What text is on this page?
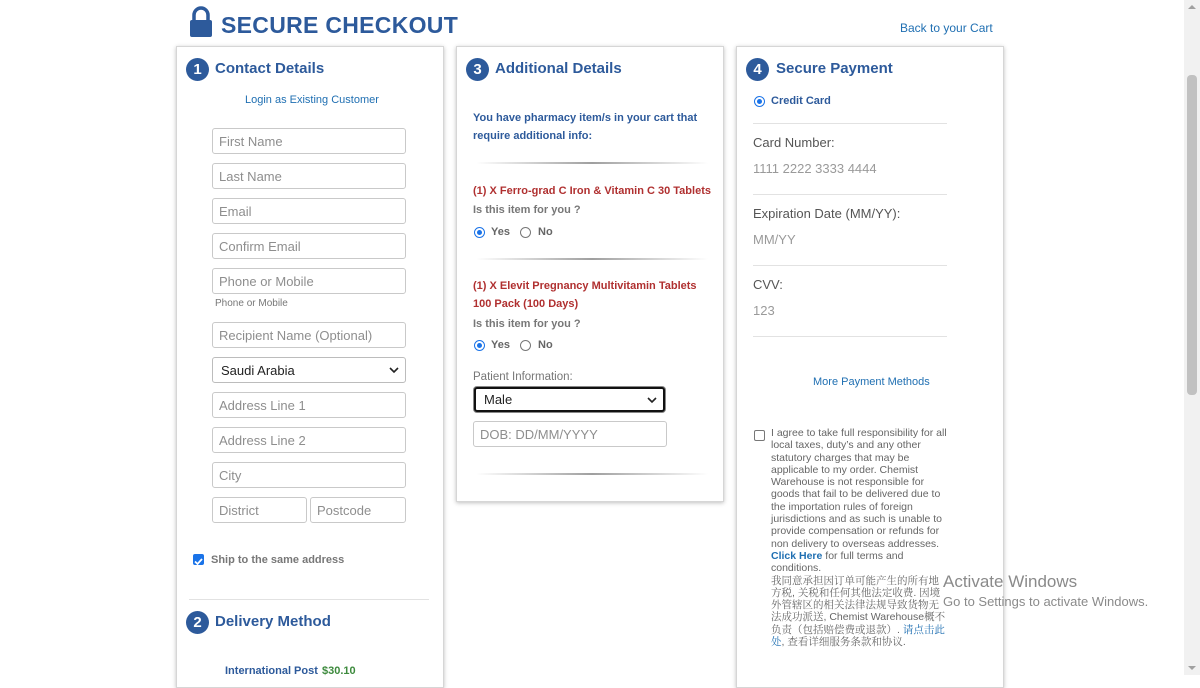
SECURE CHECKOUT	Back to your Cart
1 Contact Details
Login as Existing Customer
First Name
Last Name
Email
Confirm Email
Phone or Mobile
Phone or Mobile
Recipient Name (Optional)
Saudi Arabia
Address Line 1
Address Line 2
City
District
Postcode
Ship to the same address
2 Delivery Method
International Post $30.10
3 Additional Details
You have pharmacy item/s in your cart that require additional info:
(1) X Ferro-grad C Iron & Vitamin C 30 Tablets
Is this item for you ?
Yes	No
(1) X Elevit Pregnancy Multivitamin Tablets 100 Pack (100 Days)
Is this item for you ?
Yes	No
Patient Information:
Male
DOB: DD/MM/YYYY
4 Secure Payment
Credit Card
Card Number:
1111 2222 3333 4444
Expiration Date (MM/YY):
MM/YY
CVV:
123
More Payment Methods
I agree to take full responsibility for all local taxes, duty’s and any other statutory charges that may be applicable to my order. Chemist Warehouse is not responsible for goods that fail to be delivered due to the importation rules of foreign jurisdictions and as such is unable to provide compensation or refunds for non delivery to overseas addresses. Click Here for full terms and conditions.
我同意承担因订单可能产生的所有地方税, 关税和任何其他法定收费. 因境外管辖区的相关法律法规导致货物无法成功派送, Chemist Warehouse概不负责（包括赔偿费或退款）. 请点击此处, 查看详细服务条款和协议.
Activate Windows
Go to Settings to activate Windows.
